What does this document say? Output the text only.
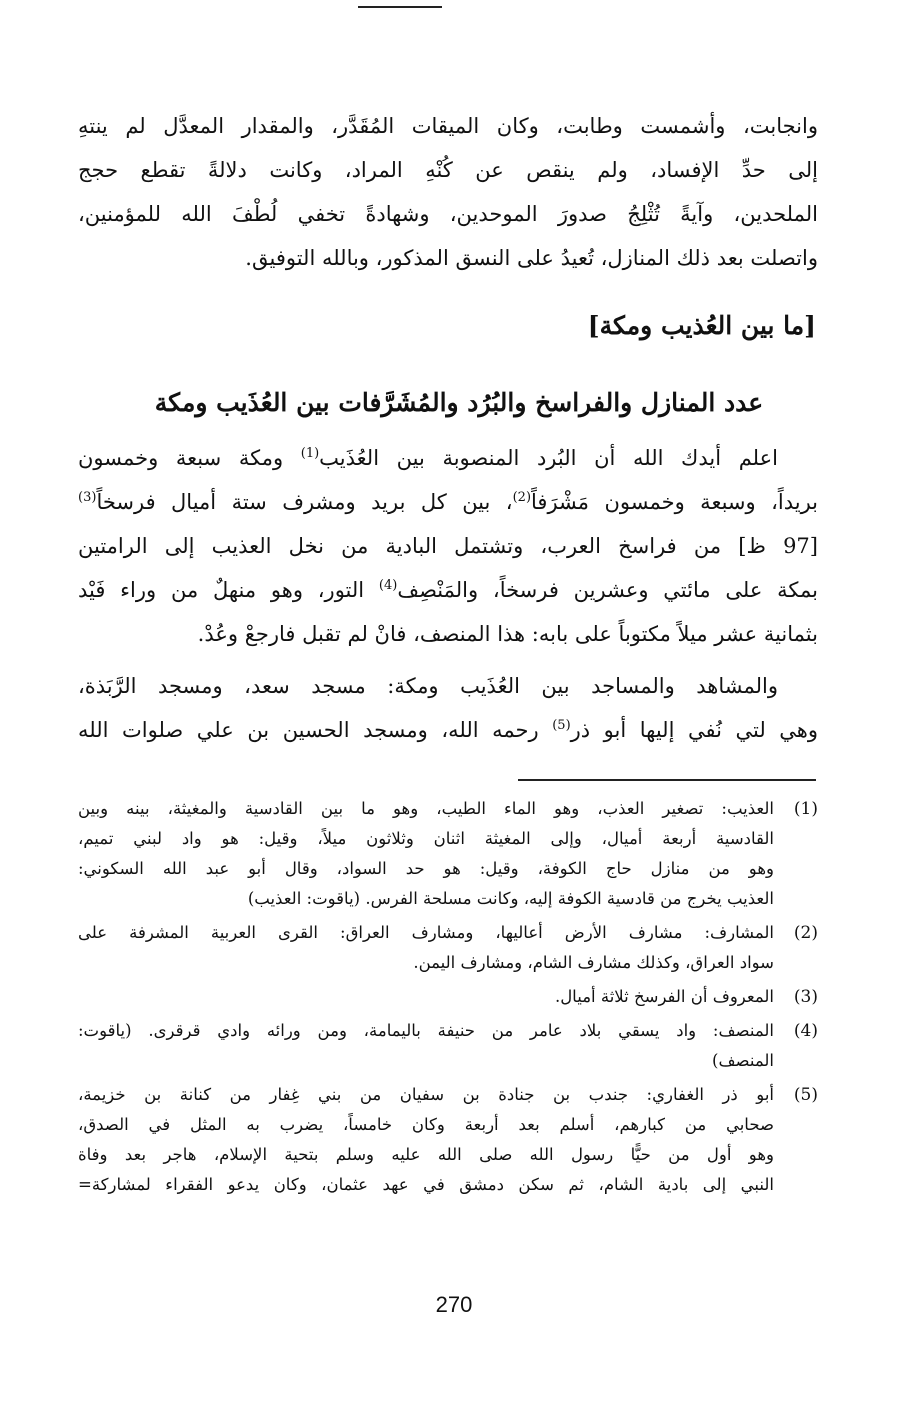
وانجابت، وأشمست وطابت، وكان الميقات المُقَدَّر، والمقدار المعدَّل لم ينتهِ
إلى حدِّ الإفساد، ولم ينقص عن كُنْهِ المراد، وكانت دلالةً تقطع حجج
الملحدين، وآيةً تُثْلِجُ صدورَ الموحدين، وشهادةً تخفي لُطْفَ الله للمؤمنين،
واتصلت بعد ذلك المنازل، تُعيدُ على النسق المذكور، وبالله التوفيق.
[ما بين العُذيب ومكة]
عدد المنازل والفراسخ والبُرُد والمُشَرَّفات بين العُذَيب ومكة
اعلم أيدك الله أن البُرد المنصوبة بين العُذَيب$^{(1)}$ ومكة سبعة وخمسون
بريداً، وسبعة وخمسون مَشْرَفاً$^{(2)}$، بين كل بريد ومشرف ستة أميال فرسخاً$^{(3)}$
[97 ظ] من فراسخ العرب، وتشتمل البادية من نخل العذيب إلى الرامتين
بمكة على مائتي وعشرين فرسخاً، والمَنْصِف$^{(4)}$ التور، وهو منهلٌ من وراء فَيْد
بثمانية عشر ميلاً مكتوباً على بابه: هذا المنصف، فانْ لم تقبل فارجعْ وعُدْ.
والمشاهد والمساجد بين العُذَيب ومكة: مسجد سعد، ومسجد الرَّبَذة،
وهي لتي نُفي إليها أبو ذر$^{(5)}$ رحمه الله، ومسجد الحسين بن علي صلوات الله
(1)
العذيب: تصغير العذب، وهو الماء الطيب، وهو ما بين القادسية والمغيثة، بينه وبين
القادسية أربعة أميال، وإلى المغيثة اثنان وثلاثون ميلاً، وقيل: هو واد لبني تميم،
وهو من منازل حاج الكوفة، وقيل: هو حد السواد، وقال أبو عبد الله السكوني:
العذيب يخرج من قادسية الكوفة إليه، وكانت مسلحة الفرس. (ياقوت: العذيب)
(2)
المشارف: مشارف الأرض أعاليها، ومشارف العراق: القرى العربية المشرفة على
سواد العراق، وكذلك مشارف الشام، ومشارف اليمن.
(3)
المعروف أن الفرسخ ثلاثة أميال.
(4)
المنصف: واد يسقي بلاد عامر من حنيفة باليمامة، ومن ورائه وادي قرقرى. (ياقوت:
المنصف)
(5)
أبو ذر الغفاري: جندب بن جنادة بن سفيان من بني غِفار من كنانة بن خزيمة،
صحابي من كبارهم، أسلم بعد أربعة وكان خامساً، يضرب به المثل في الصدق،
وهو أول من حيًّا رسول الله صلى الله عليه وسلم بتحية الإسلام، هاجر بعد وفاة
النبي إلى بادية الشام، ثم سكن دمشق في عهد عثمان، وكان يدعو الفقراء لمشاركة=
270
